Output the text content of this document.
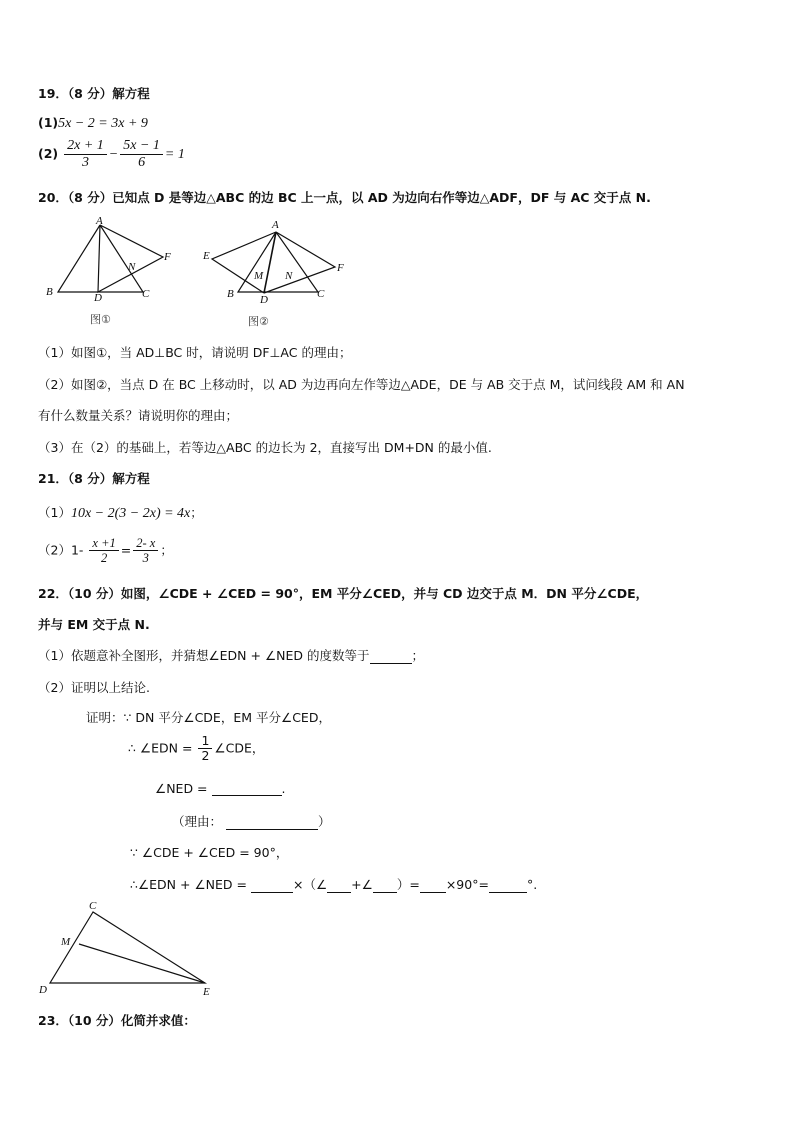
19．（8 分）解方程
(1)5x − 2 = 3x + 9
$(2) \frac{2x + 1}{3} - \frac{5x - 1}{6} = 1$
20．（8 分）已知点 D 是等边△ABC 的边 BC 上一点，以 AD 为边向右作等边△ADF，DF 与 AC 交于点 N.
A
B	C
D
F
N
图①
A
B	C
D
E
F
M N
图②
（1）如图①，当 AD⊥BC 时，请说明 DF⊥AC 的理由；
（2）如图②，当点 D 在 BC 上移动时，以 AD 为边再向左作等边△ADE，DE 与 AB 交于点 M，试问线段 AM 和 AN
有什么数量关系？请说明你的理由；
（3）在（2）的基础上，若等边△ABC 的边长为 2，直接写出 DM+DN 的最小值.
21．（8 分）解方程
（1）10x − 2(3 − 2x) = 4x；
$(2)1- \frac{x +1}{2} = \frac{2- x}{3}$ ；
22．（10 分）如图，∠CDE + ∠CED = 90°，EM 平分∠CED，并与 CD 边交于点 M．DN 平分∠CDE，
并与 EM 交于点 N.
（1）依题意补全图形，并猜想∠EDN + ∠NED 的度数等于	；
（2）证明以上结论.
证明：∵ DN 平分∠CDE，EM 平分∠CED，
∴ ∠EDN = $\frac{1}{2}$ ∠CDE，
∠NED =	.
（理由：	）
∵ ∠CDE + ∠CED = 90°，
∴∠EDN + ∠NED =	×（∠ +∠ ）= ×90°=	°.
C
M
D	E
23．（10 分）化简并求值：
